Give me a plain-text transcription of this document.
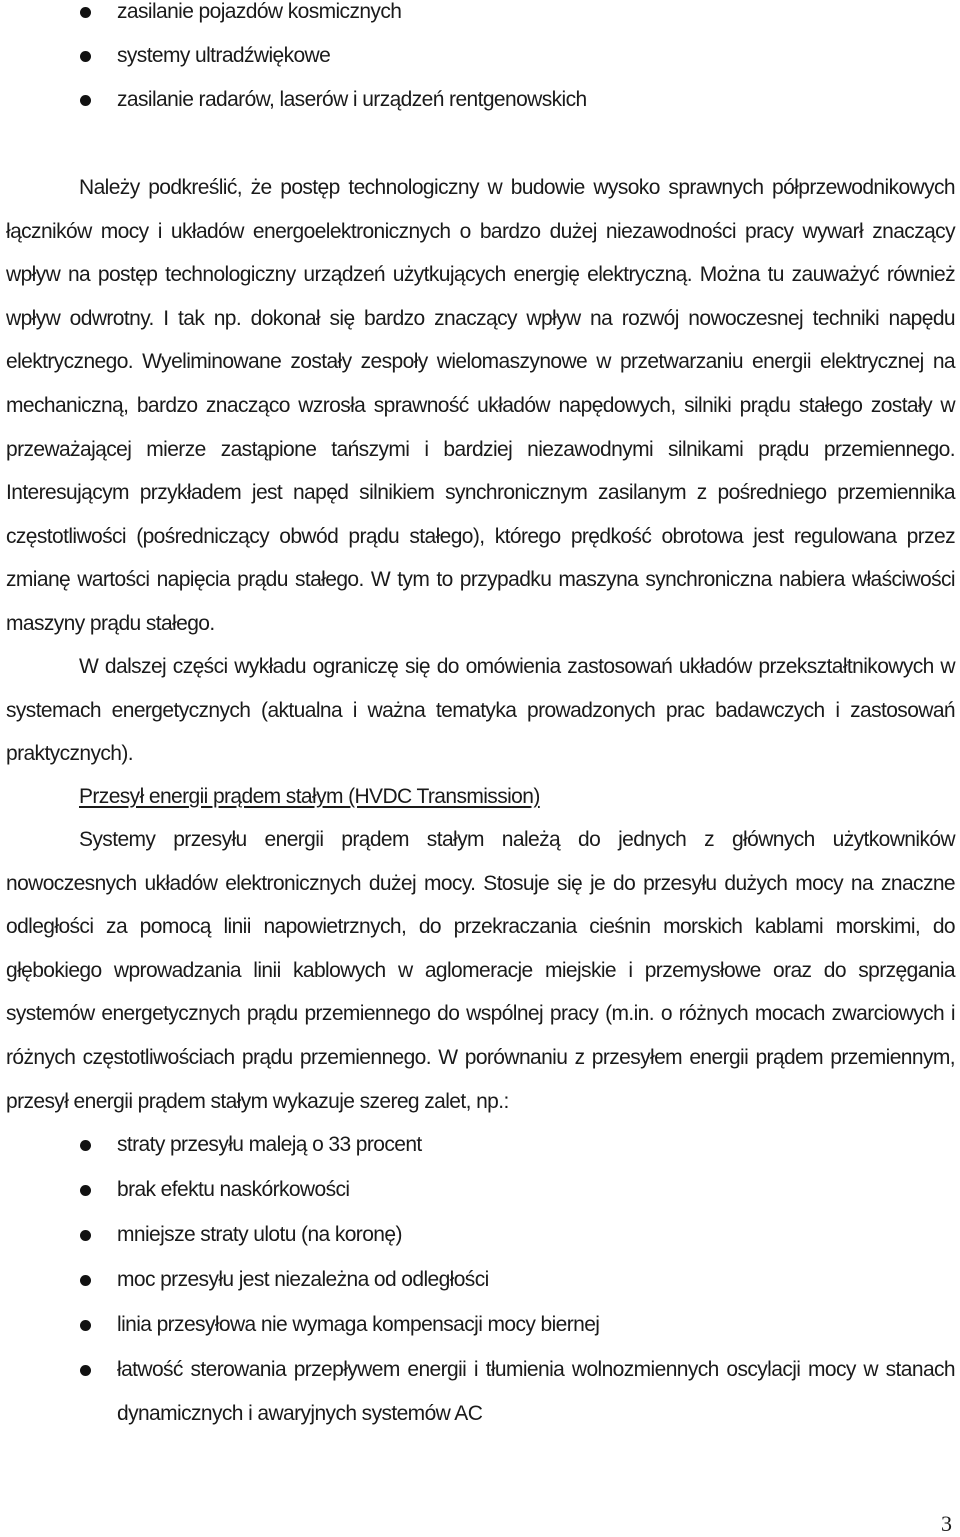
zasilanie pojazdów kosmicznych
systemy ultradźwiękowe
zasilanie radarów, laserów i urządzeń rentgenowskich

Należy podkreślić, że postęp technologiczny w budowie wysoko sprawnych półprzewodnikowych łączników mocy i układów energoelektronicznych o bardzo dużej niezawodności pracy wywarł znaczący wpływ na postęp technologiczny urządzeń użytkujących energię elektryczną. Można tu zauważyć również wpływ odwrotny. I tak np. dokonał się bardzo znaczący wpływ na rozwój nowoczesnej techniki napędu elektrycznego. Wyeliminowane zostały zespoły wielomaszynowe w przetwarzaniu energii elektrycznej na mechaniczną, bardzo znacząco wzrosła sprawność układów napędowych, silniki prądu stałego zostały w przeważającej mierze zastąpione tańszymi i bardziej niezawodnymi silnikami prądu przemiennego. Interesującym przykładem jest napęd silnikiem synchronicznym zasilanym z pośredniego przemiennika częstotliwości (pośredniczący obwód prądu stałego), którego prędkość obrotowa jest regulowana przez zmianę wartości napięcia prądu stałego. W tym to przypadku maszyna synchroniczna nabiera właściwości maszyny prądu stałego.

W dalszej części wykładu ograniczę się do omówienia zastosowań układów przekształtnikowych w systemach energetycznych (aktualna i ważna tematyka prowadzonych prac badawczych i zastosowań praktycznych).

Przesył energii prądem stałym (HVDC Transmission)

Systemy przesyłu energii prądem stałym należą do jednych z głównych użytkowników nowoczesnych układów elektronicznych dużej mocy. Stosuje się je do przesyłu dużych mocy na znaczne odległości za pomocą linii napowietrznych, do przekraczania cieśnin morskich kablami morskimi, do głębokiego wprowadzania linii kablowych w aglomeracje miejskie i przemysłowe oraz do sprzęgania systemów energetycznych prądu przemiennego do wspólnej pracy (m.in. o różnych mocach zwarciowych i różnych częstotliwościach prądu przemiennego. W porównaniu z przesyłem energii prądem przemiennym, przesył energii prądem stałym wykazuje szereg zalet, np.:

straty przesyłu maleją o 33 procent
brak efektu naskórkowości
mniejsze straty ulotu (na koronę)
moc przesyłu jest niezależna od odległości
linia przesyłowa nie wymaga kompensacji mocy biernej
łatwość sterowania przepływem energii i tłumienia wolnozmiennych oscylacji mocy w stanach dynamicznych i awaryjnych systemów AC
3
